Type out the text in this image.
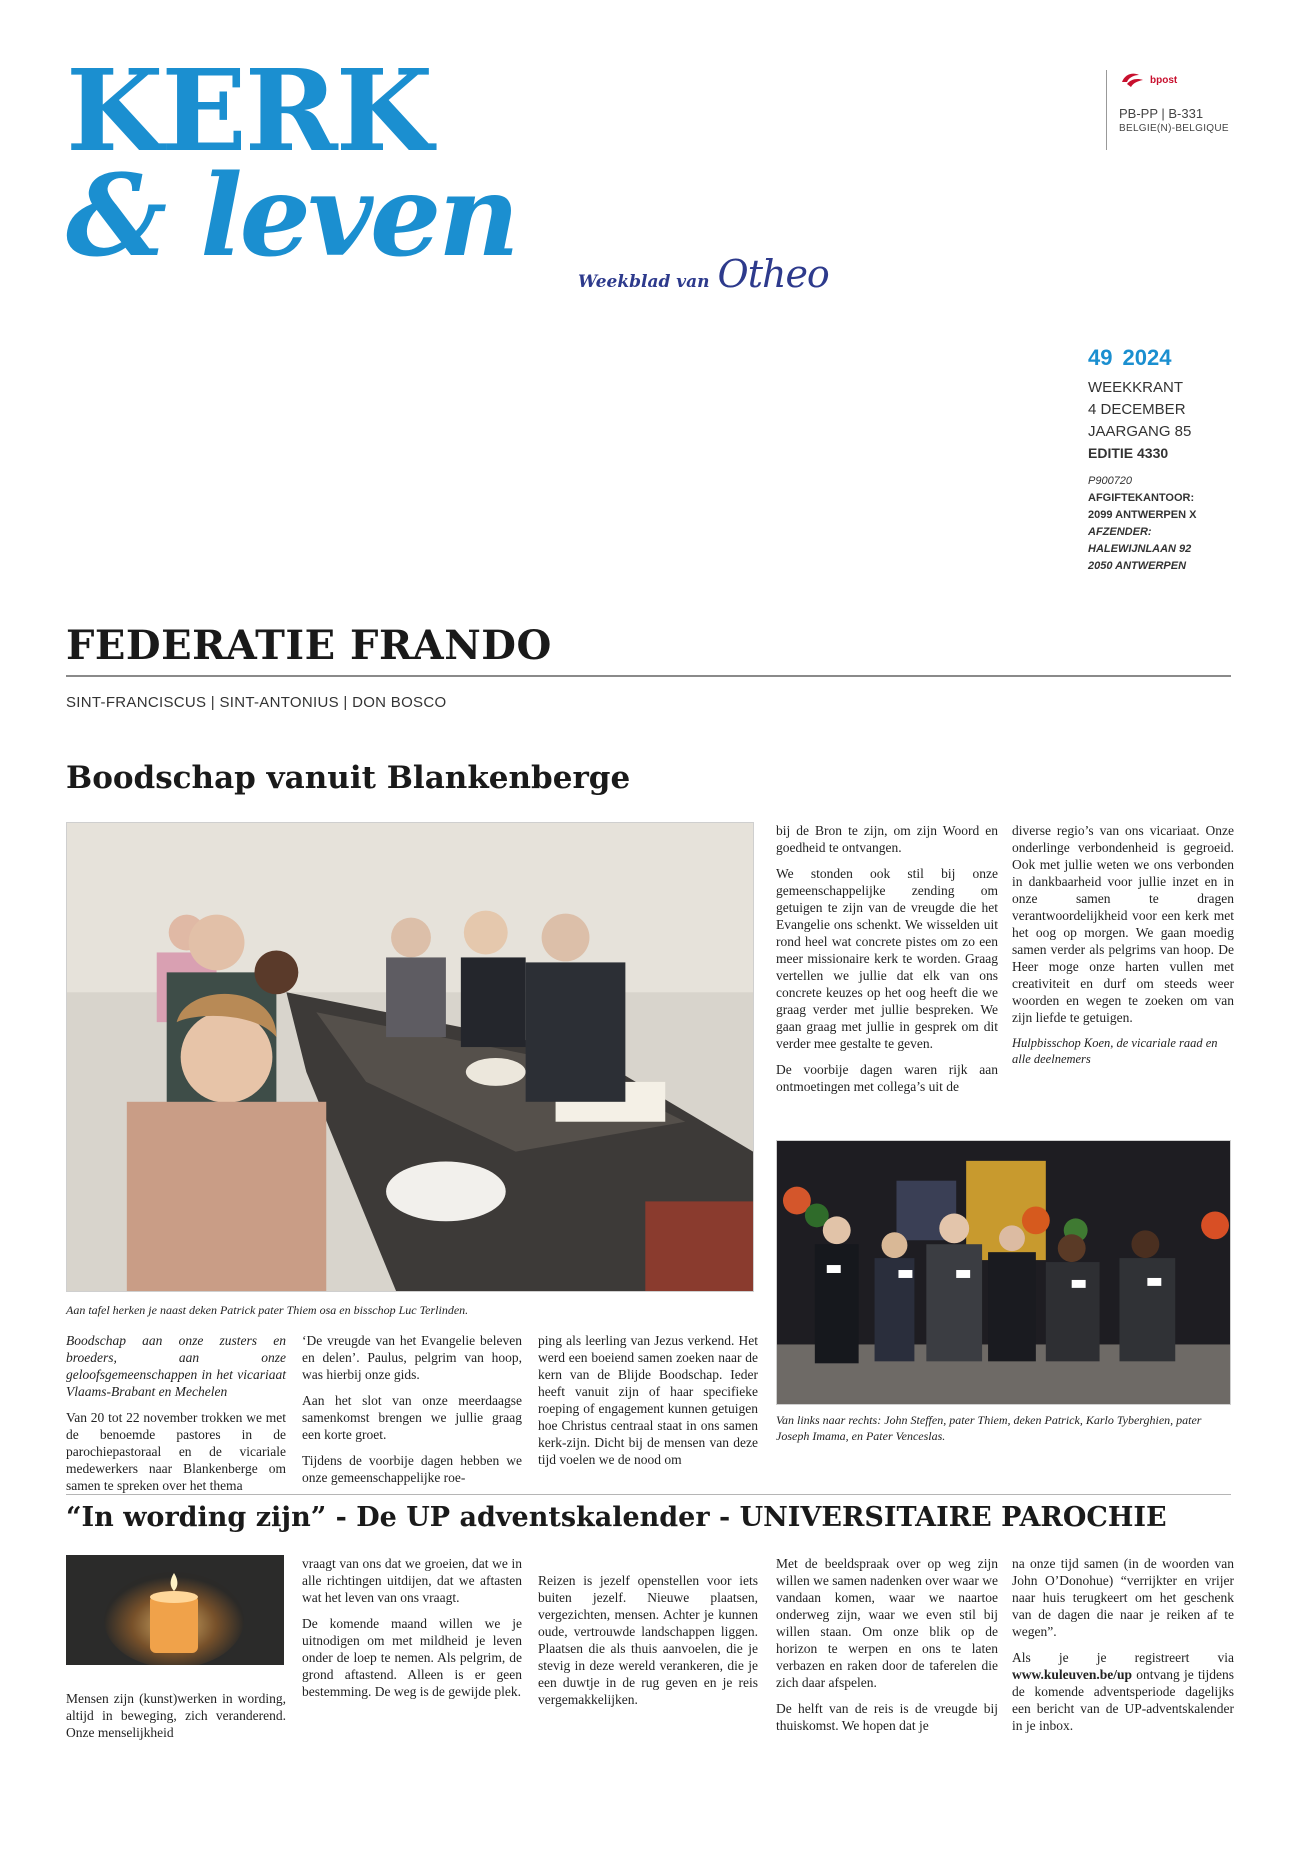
KERK
& leven	Weekblad van Otheo
bpost
PB-PP | B-331
BELGIE(N)-BELGIQUE
49 2024
WEEKKRANT
4 DECEMBER
JAARGANG 85
EDITIE 4330
P900720
AFGIFTEKANTOOR:
2099 ANTWERPEN X
AFZENDER:
HALEWIJNLAAN 92
2050 ANTWERPEN
FEDERATIE FRANDO
SINT-FRANCISCUS | SINT-ANTONIUS | DON BOSCO
Boodschap vanuit Blankenberge
Aan tafel herken je naast deken Patrick pater Thiem osa en bisschop Luc Terlinden.

Boodschap aan onze zusters en broeders, aan onze geloofsgemeenschappen in het vicariaat Vlaams-Brabant en Mechelen

Van 20 tot 22 november trokken we met de benoemde pastores in de parochiepastoraal en de vicariale medewerkers naar Blankenberge om samen te spreken over het thema

‘De vreugde van het Evangelie beleven en delen’. Paulus, pelgrim van hoop, was hierbij onze gids.

Aan het slot van onze meerdaagse samenkomst brengen we jullie graag een korte groet.

Tijdens de voorbije dagen hebben we onze gemeenschappelijke roe-

ping als leerling van Jezus verkend. Het werd een boeiend samen zoeken naar de kern van de Blijde Boodschap. Ieder heeft vanuit zijn of haar specifieke roeping of engagement kunnen getuigen hoe Christus centraal staat in ons samen kerk-zijn. Dicht bij de mensen van deze tijd voelen we de nood om

bij de Bron te zijn, om zijn Woord en goedheid te ontvangen.

We stonden ook stil bij onze gemeenschappelijke zending om getuigen te zijn van de vreugde die het Evangelie ons schenkt. We wisselden uit rond heel wat concrete pistes om zo een meer missionaire kerk te worden. Graag vertellen we jullie dat elk van ons concrete keuzes op het oog heeft die we graag verder met jullie bespreken. We gaan graag met jullie in gesprek om dit verder mee gestalte te geven.

De voorbije dagen waren rijk aan ontmoetingen met collega’s uit de

diverse regio’s van ons vicariaat. Onze onderlinge verbondenheid is gegroeid. Ook met jullie weten we ons verbonden in dankbaarheid voor jullie inzet en in onze samen te dragen verantwoordelijkheid voor een kerk met het oog op morgen. We gaan moedig samen verder als pelgrims van hoop. De Heer moge onze harten vullen met creativiteit en durf om steeds weer woorden en wegen te zoeken om van zijn liefde te getuigen.

Hulpbisschop Koen, de vicariale raad en alle deelnemers

Van links naar rechts: John Steffen, pater Thiem, deken Patrick, Karlo Tyberghien, pater Joseph Imama, en Pater Venceslas.
“In wording zijn” - De UP adventskalender - UNIVERSITAIRE PAROCHIE

Mensen zijn (kunst)werken in wording, altijd in beweging, zich veranderend. Onze menselijkheid

vraagt van ons dat we groeien, dat we in alle richtingen uitdijen, dat we aftasten wat het leven van ons vraagt.

De komende maand willen we je uitnodigen om met mildheid je leven onder de loep te nemen. Als pelgrim, de grond aftastend. Alleen is er geen bestemming. De weg is de gewijde plek.

Reizen is jezelf openstellen voor iets buiten jezelf. Nieuwe plaatsen, vergezichten, mensen. Achter je kunnen oude, vertrouwde landschappen liggen. Plaatsen die als thuis aanvoelen, die je stevig in deze wereld verankeren, die je een duwtje in de rug geven en je reis vergemakkelijken.

Met de beeldspraak over op weg zijn willen we samen nadenken over waar we vandaan komen, waar we naartoe onderweg zijn, waar we even stil bij willen staan. Om onze blik op de horizon te werpen en ons te laten verbazen en raken door de taferelen die zich daar afspelen.

De helft van de reis is de vreugde bij thuiskomst. We hopen dat je

na onze tijd samen (in de woorden van John O’Donohue) “verrijkter en vrijer naar huis terugkeert om het geschenk van de dagen die naar je reiken af te wegen”.

Als je je registreert via www.kuleuven.be/up ontvang je tijdens de komende adventsperiode dagelijks een bericht van de UP-adventskalender in je inbox.
